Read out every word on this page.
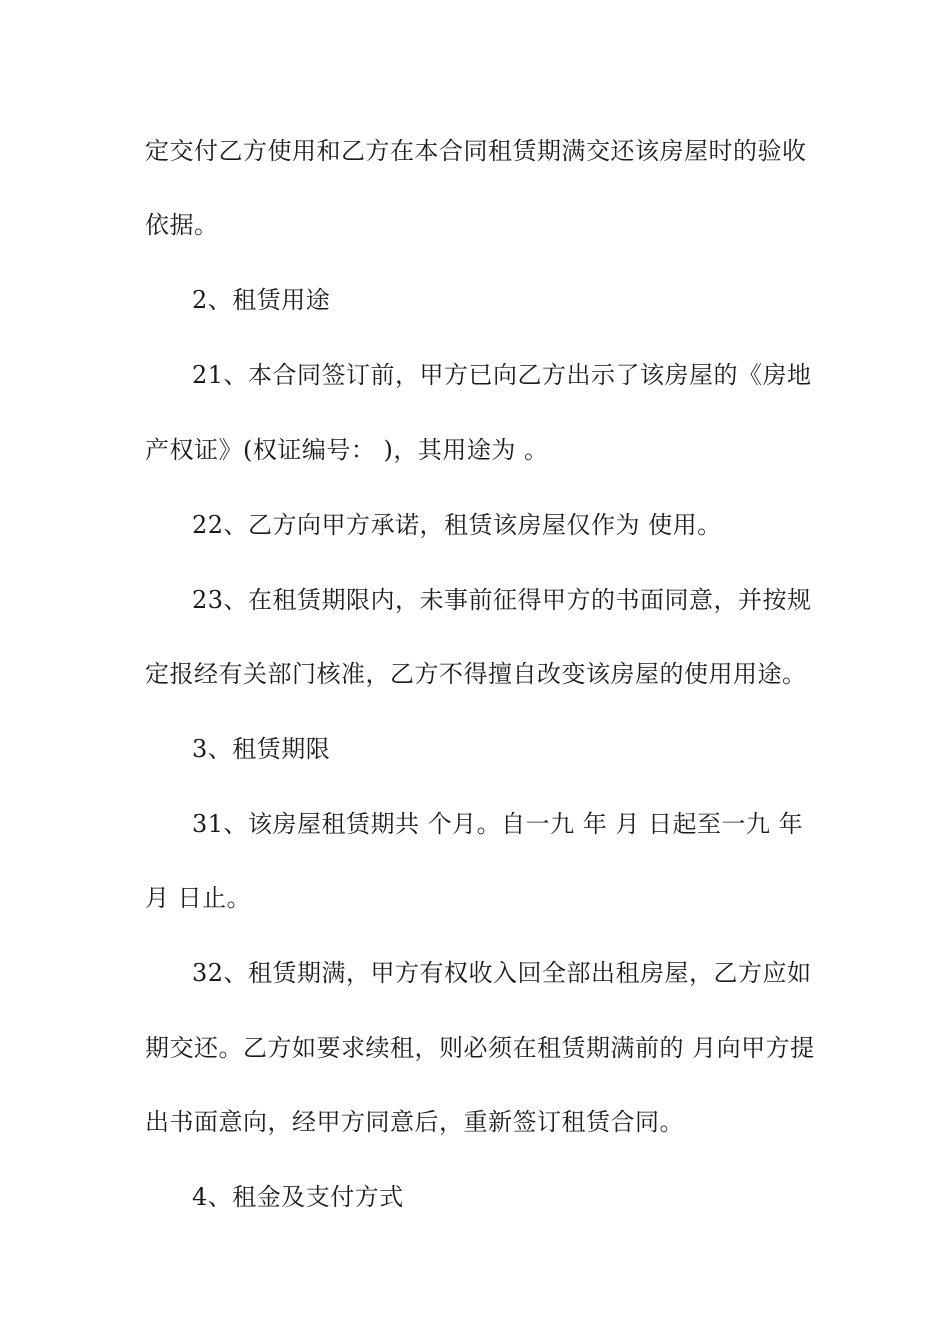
定交付乙方使用和乙方在本合同租赁期满交还该房屋时的验收
依据。
2、租赁用途
21、本合同签订前，甲方已向乙方出示了该房屋的《房地
产权证》(权证编号： )，其用途为 。
22、乙方向甲方承诺，租赁该房屋仅作为 使用。
23、在租赁期限内，未事前征得甲方的书面同意，并按规
定报经有关部门核准，乙方不得擅自改变该房屋的使用用途。
3、租赁期限
31、该房屋租赁期共 个月。自一九 年 月 日起至一九 年
月 日止。
32、租赁期满，甲方有权收入回全部出租房屋，乙方应如
期交还。乙方如要求续租，则必须在租赁期满前的 月向甲方提
出书面意向，经甲方同意后，重新签订租赁合同。
4、租金及支付方式
